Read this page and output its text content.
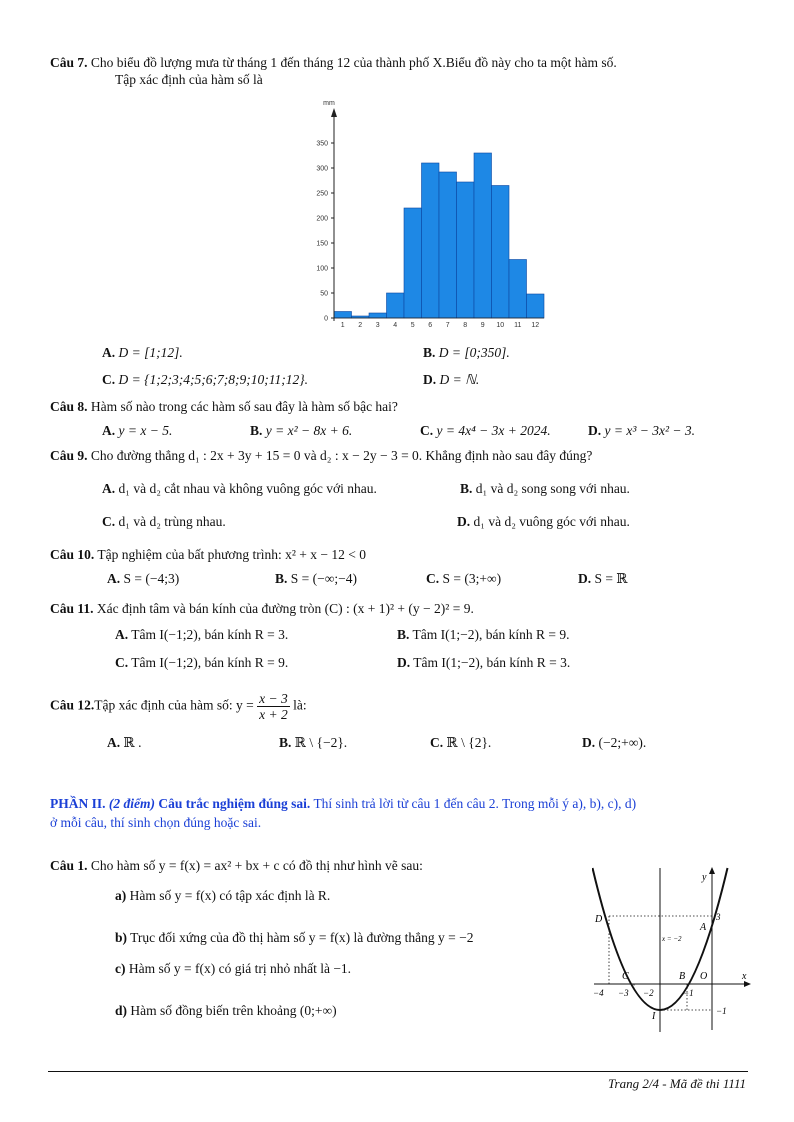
Câu 7. Cho biểu đồ lượng mưa từ tháng 1 đến tháng 12 của thành phố X.Biểu đồ này cho ta một hàm số.
Tập xác định của hàm số là
mm
1 2 3 4 5 6 7 8 9 10 11 12
0
50
100
150
200
250
300
350
A. D = [1;12].	B. D = [0;350].
C. D = {1;2;3;4;5;6;7;8;9;10;11;12}.	D. D = ℕ.
Câu 8. Hàm số nào trong các hàm số sau đây là hàm số bậc hai?
A. y = x − 5.	B. y = x² − 8x + 6.	C. y = 4x⁴ − 3x + 2024.	D. y = x³ − 3x² − 3.
Câu 9. Cho đường thẳng d₁ : 2x + 3y + 15 = 0 và d₂ : x − 2y − 3 = 0. Khẳng định nào sau đây đúng?
A. d₁ và d₂ cắt nhau và không vuông góc với nhau.	B. d₁ và d₂ song song với nhau.
C. d₁ và d₂ trùng nhau.	D. d₁ và d₂ vuông góc với nhau.
Câu 10. Tập nghiệm của bất phương trình: x² + x − 12 < 0
A. S = (−4;3)	B. S = (−∞;−4)	C. S = (3;+∞)	D. S = ℝ
Câu 11. Xác định tâm và bán kính của đường tròn (C) : (x + 1)² + (y − 2)² = 9.
A. Tâm I(−1;2), bán kính R = 3.	B. Tâm I(1;−2), bán kính R = 9.
C. Tâm I(−1;2), bán kính R = 9.	D. Tâm I(1;−2), bán kính R = 3.
Câu 12.Tập xác định của hàm số: $y = \frac{x - 3}{x + 2}$ là:
A. ℝ .	B. ℝ \ {−2}.	C. ℝ \ {2}.	D. (−2;+∞).
PHẦN II. (2 điểm) Câu trắc nghiệm đúng sai. Thí sinh trả lời từ câu 1 đến câu 2. Trong mỗi ý a), b), c), d)
ở mỗi câu, thí sinh chọn đúng hoặc sai.
Câu 1. Cho hàm số y = f(x) = ax² + bx + c có đồ thị như hình vẽ sau:
a) Hàm số y = f(x) có tập xác định là R.
b) Trục đối xứng của đồ thị hàm số y = f(x) là đường thẳng y = −2
c) Hàm số y = f(x) có giá trị nhỏ nhất là −1.
d) Hàm số đồng biến trên khoảng (0;+∞)
y
x
O
A
B
C
D
I
x = −2
−4 −3 −2	−1
3
−1
Trang 2/4 - Mã đề thi 1111
